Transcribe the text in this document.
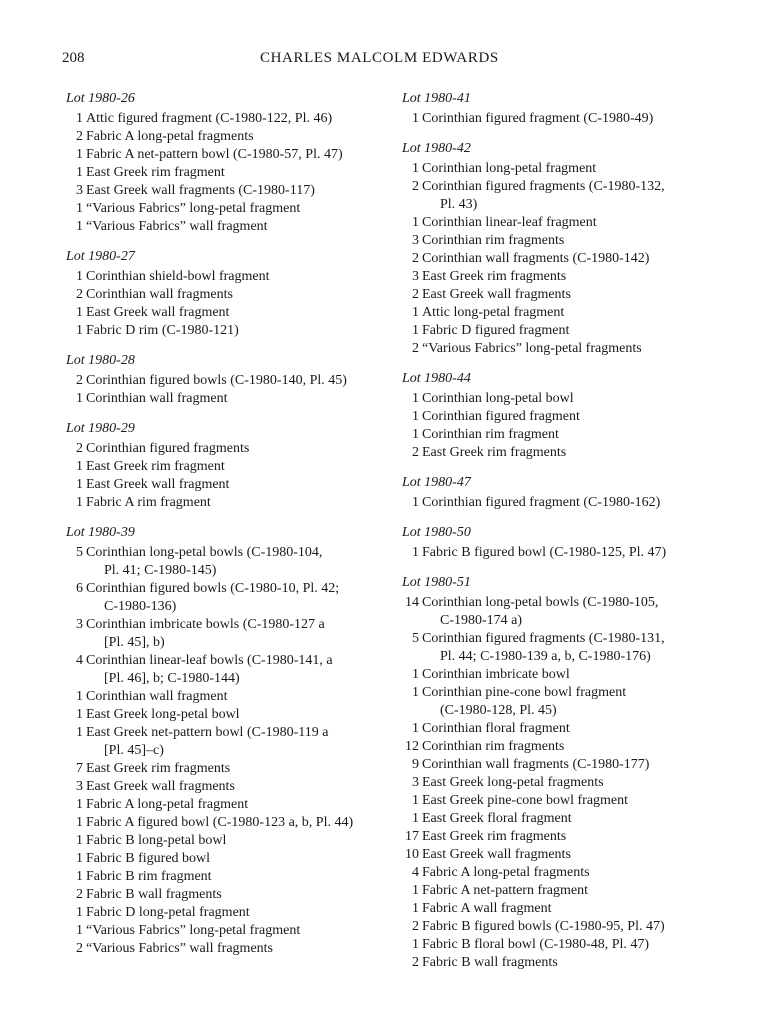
208	CHARLES MALCOLM EDWARDS
Lot 1980-26
1 Attic figured fragment (C-1980-122, Pl. 46)
2 Fabric A long-petal fragments
1 Fabric A net-pattern bowl (C-1980-57, Pl. 47)
1 East Greek rim fragment
3 East Greek wall fragments (C-1980-117)
1 “Various Fabrics” long-petal fragment
1 “Various Fabrics” wall fragment
Lot 1980-27
1 Corinthian shield-bowl fragment
2 Corinthian wall fragments
1 East Greek wall fragment
1 Fabric D rim (C-1980-121)
Lot 1980-28
2 Corinthian figured bowls (C-1980-140, Pl. 45)
1 Corinthian wall fragment
Lot 1980-29
2 Corinthian figured fragments
1 East Greek rim fragment
1 East Greek wall fragment
1 Fabric A rim fragment
Lot 1980-39
5 Corinthian long-petal bowls (C-1980-104,
Pl. 41; C-1980-145)
6 Corinthian figured bowls (C-1980-10, Pl. 42;
C-1980-136)
3 Corinthian imbricate bowls (C-1980-127 a
[Pl. 45], b)
4 Corinthian linear-leaf bowls (C-1980-141, a
[Pl. 46], b; C-1980-144)
1 Corinthian wall fragment
1 East Greek long-petal bowl
1 East Greek net-pattern bowl (C-1980-119 a
[Pl. 45]–c)
7 East Greek rim fragments
3 East Greek wall fragments
1 Fabric A long-petal fragment
1 Fabric A figured bowl (C-1980-123 a, b, Pl. 44)
1 Fabric B long-petal bowl
1 Fabric B figured bowl
1 Fabric B rim fragment
2 Fabric B wall fragments
1 Fabric D long-petal fragment
1 “Various Fabrics” long-petal fragment
2 “Various Fabrics” wall fragments
Lot 1980-41
1 Corinthian figured fragment (C-1980-49)
Lot 1980-42
1 Corinthian long-petal fragment
2 Corinthian figured fragments (C-1980-132,
Pl. 43)
1 Corinthian linear-leaf fragment
3 Corinthian rim fragments
2 Corinthian wall fragments (C-1980-142)
3 East Greek rim fragments
2 East Greek wall fragments
1 Attic long-petal fragment
1 Fabric D figured fragment
2 “Various Fabrics” long-petal fragments
Lot 1980-44
1 Corinthian long-petal bowl
1 Corinthian figured fragment
1 Corinthian rim fragment
2 East Greek rim fragments
Lot 1980-47
1 Corinthian figured fragment (C-1980-162)
Lot 1980-50
1 Fabric B figured bowl (C-1980-125, Pl. 47)
Lot 1980-51
14 Corinthian long-petal bowls (C-1980-105,
C-1980-174 a)
5 Corinthian figured fragments (C-1980-131,
Pl. 44; C-1980-139 a, b, C-1980-176)
1 Corinthian imbricate bowl
1 Corinthian pine-cone bowl fragment
(C-1980-128, Pl. 45)
1 Corinthian floral fragment
12 Corinthian rim fragments
9 Corinthian wall fragments (C-1980-177)
3 East Greek long-petal fragments
1 East Greek pine-cone bowl fragment
1 East Greek floral fragment
17 East Greek rim fragments
10 East Greek wall fragments
4 Fabric A long-petal fragments
1 Fabric A net-pattern fragment
1 Fabric A wall fragment
2 Fabric B figured bowls (C-1980-95, Pl. 47)
1 Fabric B floral bowl (C-1980-48, Pl. 47)
2 Fabric B wall fragments
